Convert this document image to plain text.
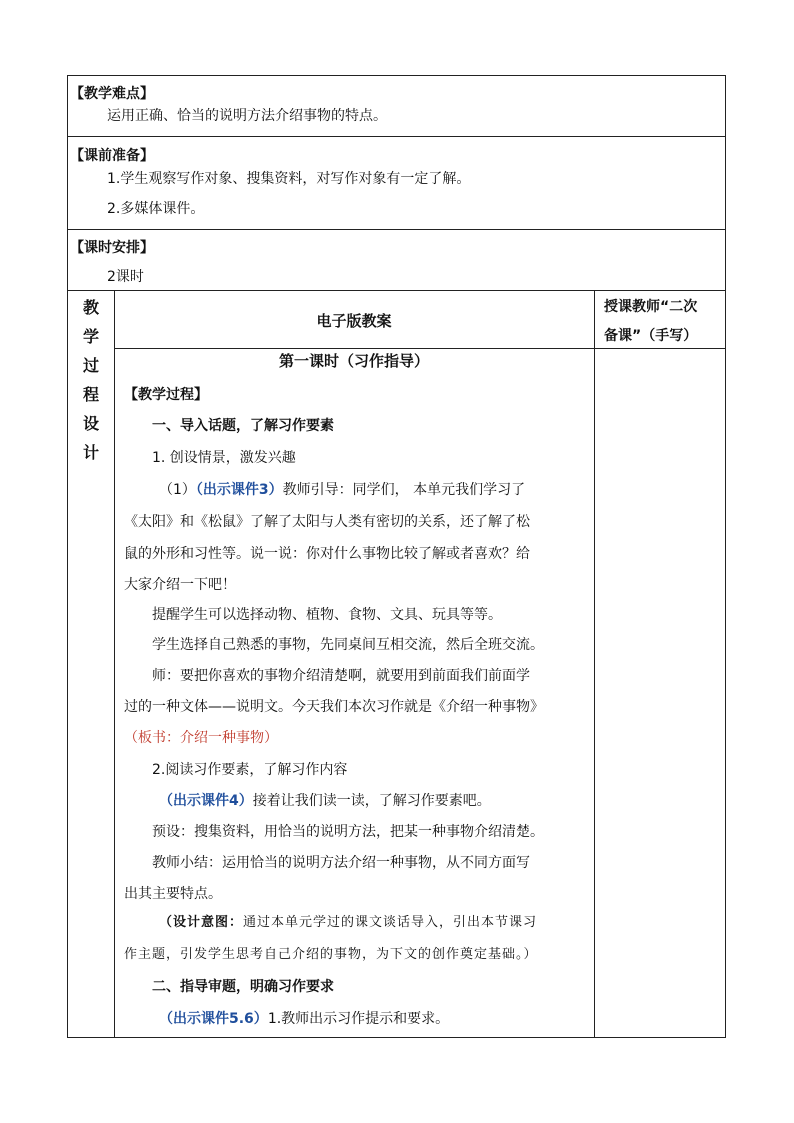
【教学难点】
运用正确、恰当的说明方法介绍事物的特点。
【课前准备】
1.学生观察写作对象、搜集资料，对写作对象有一定了解。
2.多媒体课件。
【课时安排】
2课时
教
学
过
程
设
计
电子版教案
授课教师“二次
备课”（手写）
第一课时（习作指导）
【教学过程】
一、导入话题，了解习作要素
1. 创设情景，激发兴趣
（1）（出示课件3）教师引导：同学们， 本单元我们学习了
《太阳》和《松鼠》了解了太阳与人类有密切的关系，还了解了松
鼠的外形和习性等。说一说：你对什么事物比较了解或者喜欢？给
大家介绍一下吧！
提醒学生可以选择动物、植物、食物、文具、玩具等等。
学生选择自己熟悉的事物，先同桌间互相交流，然后全班交流。
师：要把你喜欢的事物介绍清楚啊，就要用到前面我们前面学
过的一种文体——说明文。今天我们本次习作就是《介绍一种事物》
（板书：介绍一种事物）
2.阅读习作要素，了解习作内容
（出示课件4）接着让我们读一读，了解习作要素吧。
预设：搜集资料，用恰当的说明方法，把某一种事物介绍清楚。
教师小结：运用恰当的说明方法介绍一种事物，从不同方面写
出其主要特点。
（设计意图：通过本单元学过的课文谈话导入，引出本节课习
作主题，引发学生思考自己介绍的事物，为下文的创作奠定基础。）
二、指导审题，明确习作要求
（出示课件5.6）1.教师出示习作提示和要求。
